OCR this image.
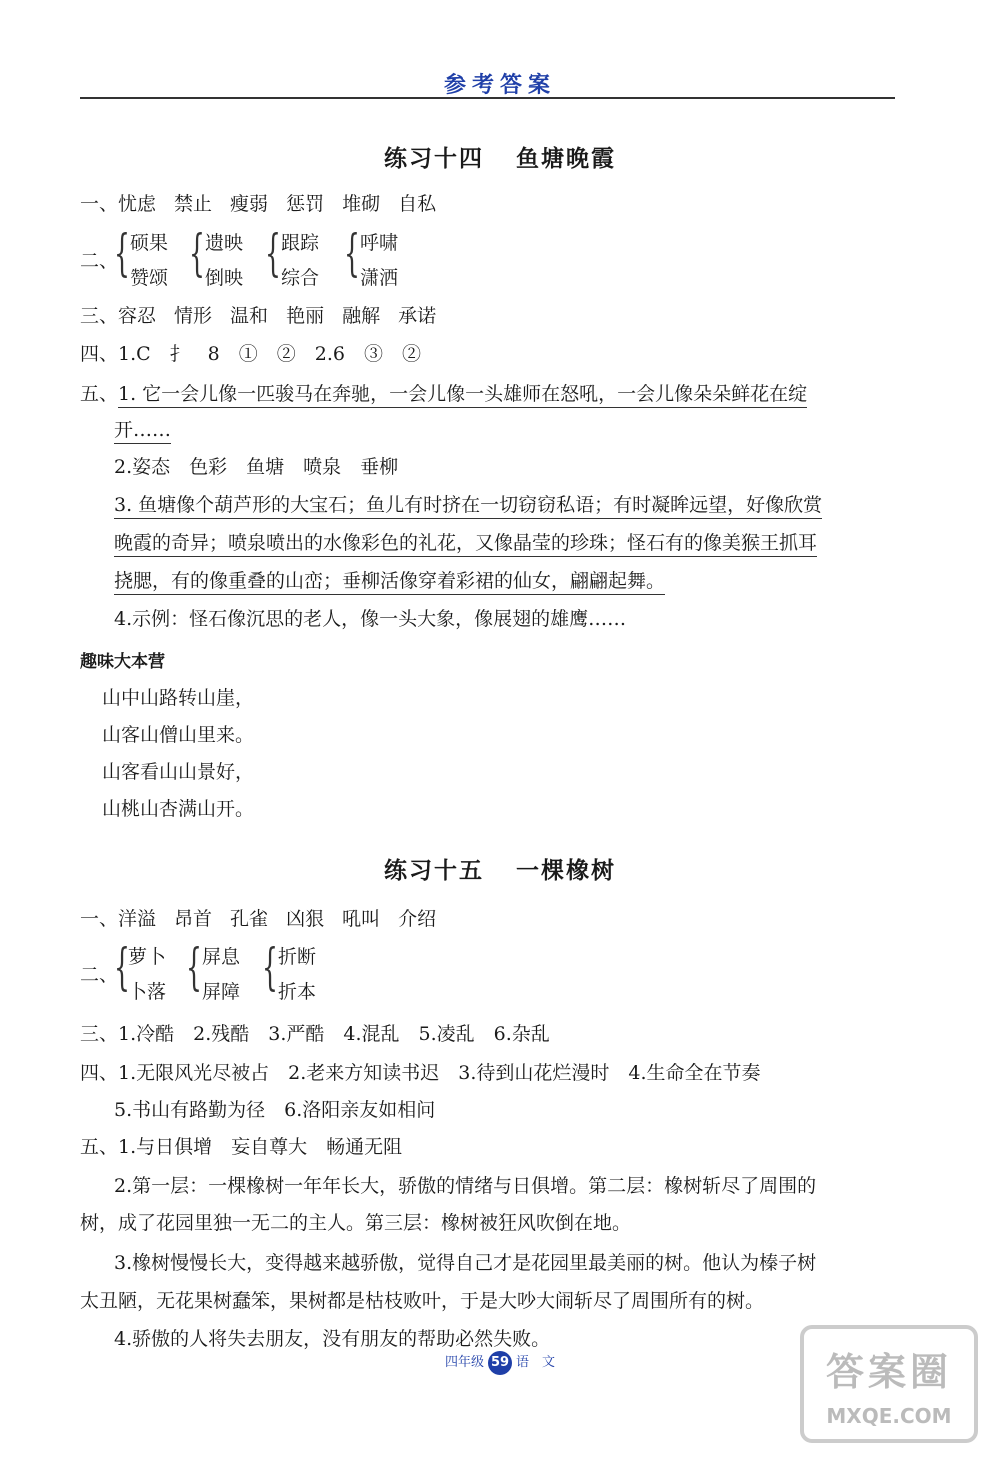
参考答案
练习十四 鱼塘晚霞
一、忧虑 禁止 瘦弱 惩罚 堆砌 自私
二、
{ 硕果
赞颂 { 遗映
倒映 { 跟踪
综合 { 呼啸
潇洒
三、容忍 情形 温和 艳丽 融解 承诺
四、1.C　扌　8　①　②　2.6　③　②
五、1. 它一会儿像一匹骏马在奔驰，一会儿像一头雄师在怒吼，一会儿像朵朵鲜花在绽
开……
2.姿态　色彩　鱼塘　喷泉　垂柳
3. 鱼塘像个葫芦形的大宝石；鱼儿有时挤在一切窃窃私语；有时凝眸远望，好像欣赏
晚霞的奇异；喷泉喷出的水像彩色的礼花，又像晶莹的珍珠；怪石有的像美猴王抓耳
挠腮，有的像重叠的山峦；垂柳活像穿着彩裙的仙女，翩翩起舞。
4.示例：怪石像沉思的老人，像一头大象，像展翅的雄鹰……
趣味大本营
山中山路转山崖，
山客山僧山里来。
山客看山山景好，
山桃山杏满山开。
练习十五 一棵橡树
一、洋溢 昂首 孔雀 凶狠 吼叫 介绍
二、
{
萝卜
卜落 { 屏息
屏障 { 折断
折本
三、1.冷酷　2.残酷　3.严酷　4.混乱　5.凌乱　6.杂乱
四、1.无限风光尽被占　2.老来方知读书迟　3.待到山花烂漫时　4.生命全在节奏
5.书山有路勤为径　6.洛阳亲友如相问
五、1.与日俱增　妄自尊大　畅通无阻
2.第一层：一棵橡树一年年长大，骄傲的情绪与日俱增。第二层：橡树斩尽了周围的
树，成了花园里独一无二的主人。第三层：橡树被狂风吹倒在地。
3.橡树慢慢长大，变得越来越骄傲，觉得自己才是花园里最美丽的树。他认为榛子树
太丑陋，无花果树蠢笨，果树都是枯枝败叶，于是大吵大闹斩尽了周围所有的树。
4.骄傲的人将失去朋友，没有朋友的帮助必然失败。
四年级 59 语　文	答案圈
MXQE.COM
